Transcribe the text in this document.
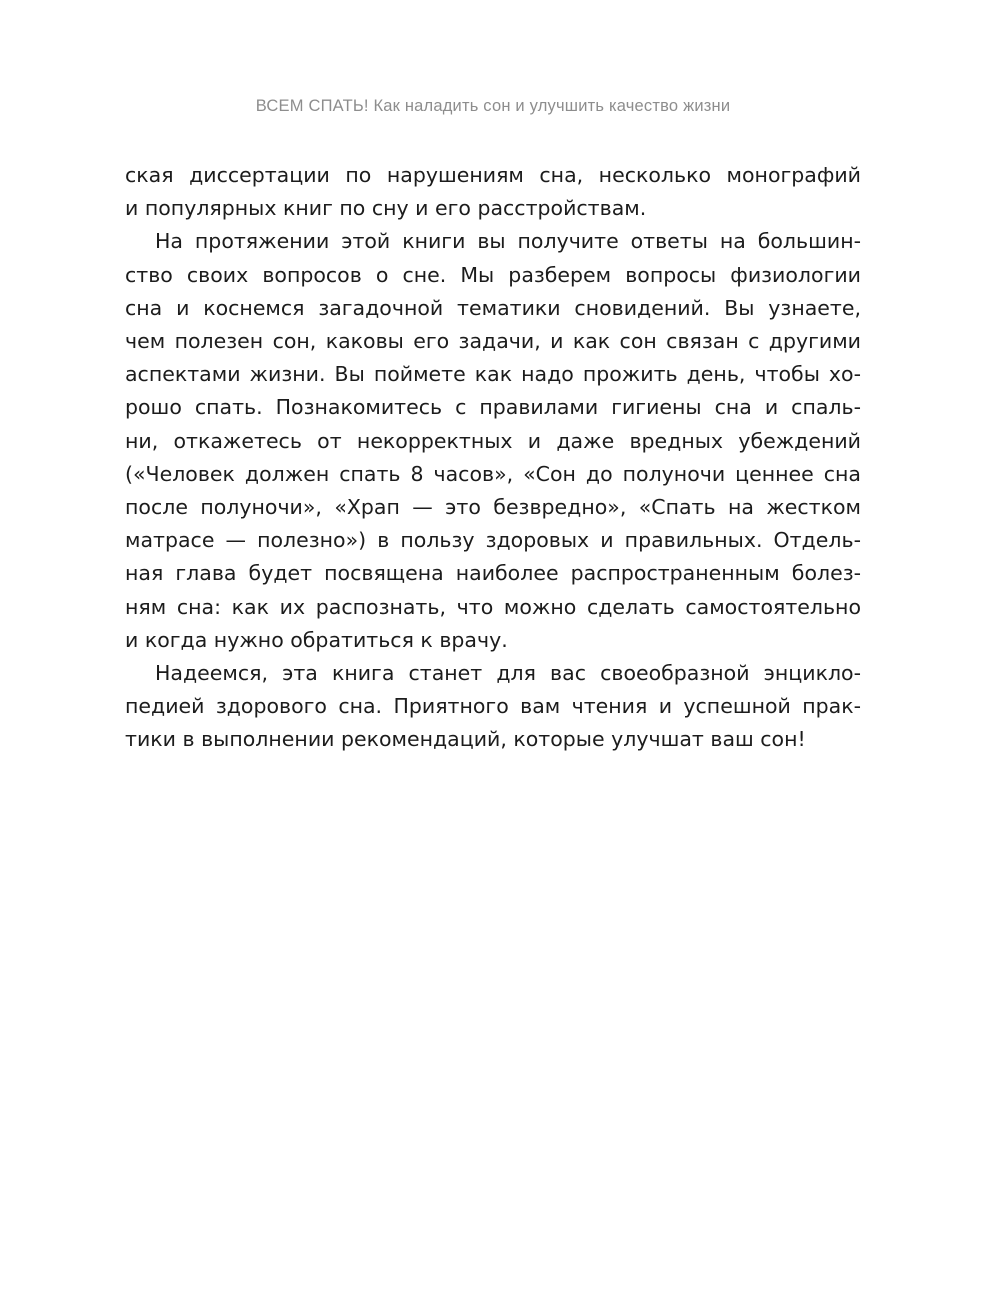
ВСЕМ СПАТЬ! Как наладить сон и улучшить качество жизни
ская диссертации по нарушениям сна, несколько монографий
и популярных книг по сну и его расстройствам.
На протяжении этой книги вы получите ответы на большин-
ство своих вопросов о сне. Мы разберем вопросы физиологии
сна и коснемся загадочной тематики сновидений. Вы узнаете,
чем полезен сон, каковы его задачи, и как сон связан с другими
аспектами жизни. Вы поймете как надо прожить день, чтобы хо-
рошо спать. Познакомитесь с правилами гигиены сна и спаль-
ни, откажетесь от некорректных и даже вредных убеждений
(«Человек должен спать 8 часов», «Сон до полуночи ценнее сна
после полуночи», «Храп — это безвредно», «Спать на жестком
матрасе — полезно») в пользу здоровых и правильных. Отдель-
ная глава будет посвящена наиболее распространенным болез-
ням сна: как их распознать, что можно сделать самостоятельно
и когда нужно обратиться к врачу.
Надеемся, эта книга станет для вас своеобразной энцикло-
педией здорового сна. Приятного вам чтения и успешной прак-
тики в выполнении рекомендаций, которые улучшат ваш сон!
